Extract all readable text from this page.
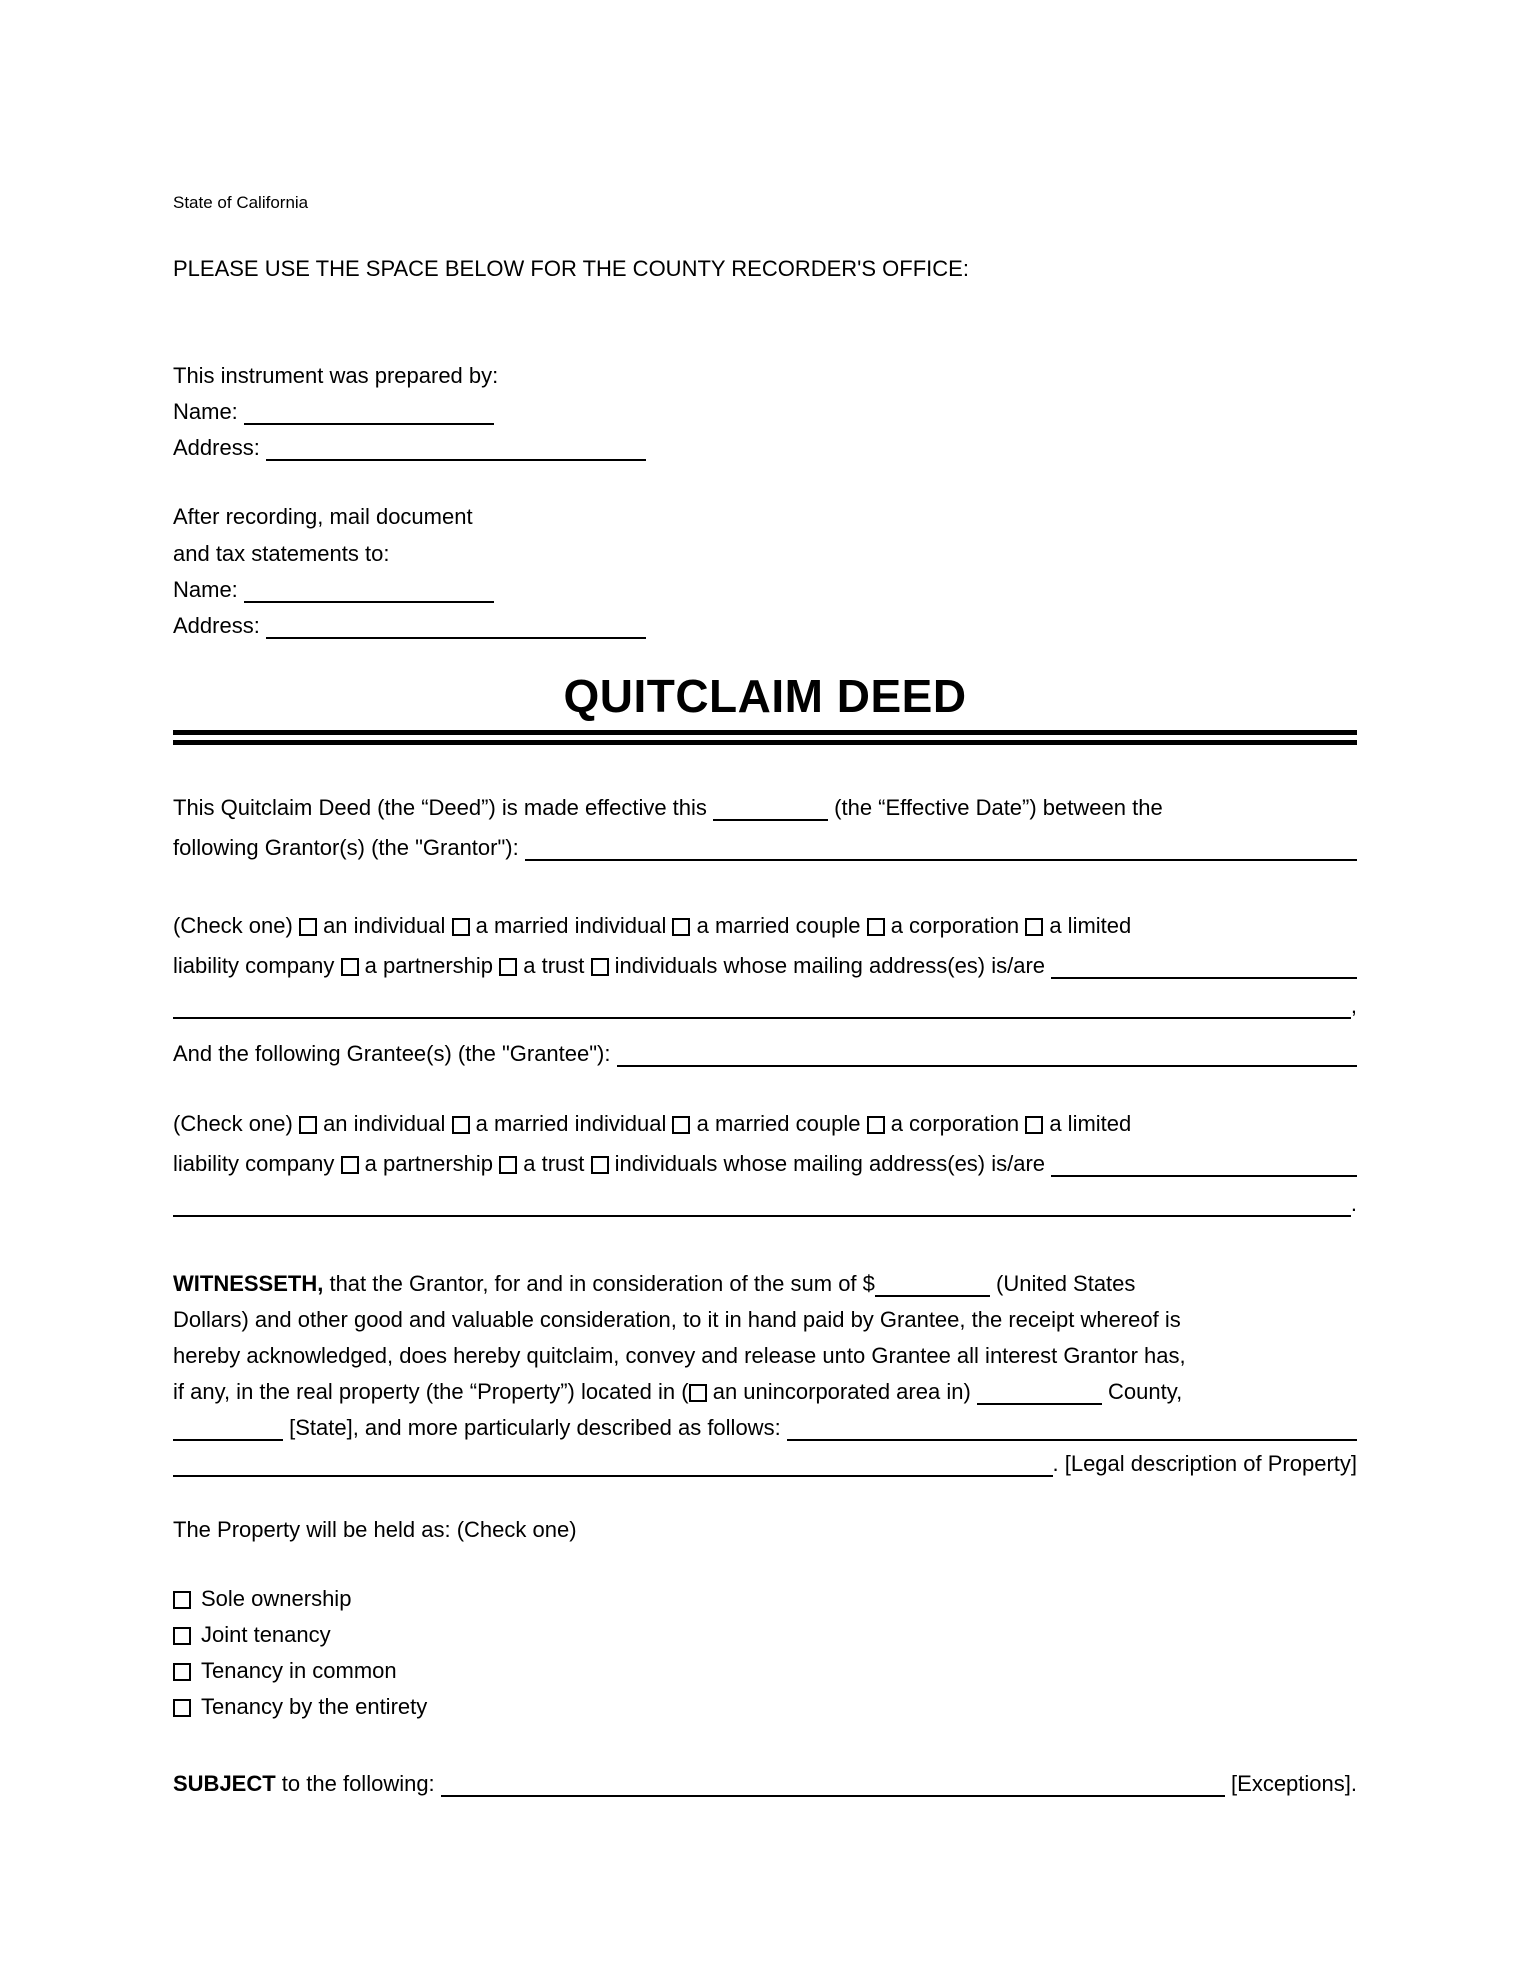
State of California
PLEASE USE THE SPACE BELOW FOR THE COUNTY RECORDER'S OFFICE:
This instrument was prepared by:
Name:
Address:
After recording, mail document
and tax statements to:
Name:
Address:
QUITCLAIM DEED
This Quitclaim Deed (the “Deed”) is made effective this	(the “Effective Date”) between the
following Grantor(s) (the "Grantor"):
(Check one) an individual a married individual a married couple a corporation a limited
liability company a partnership a trust individuals whose mailing address(es) is/are
,
And the following Grantee(s) (the "Grantee"):
(Check one) an individual a married individual a married couple a corporation a limited
liability company a partnership a trust individuals whose mailing address(es) is/are
.
WITNESSETH, that the Grantor, for and in consideration of the sum of $	(United States
Dollars) and other good and valuable consideration, to it in hand paid by Grantee, the receipt whereof is
hereby acknowledged, does hereby quitclaim, convey and release unto Grantee all interest Grantor has,
if any, in the real property (the “Property”) located in ( an unincorporated area in)	County,
[State], and more particularly described as follows:
. [Legal description of Property]
The Property will be held as: (Check one)
Sole ownership
Joint tenancy
Tenancy in common
Tenancy by the entirety
SUBJECT to the following:	[Exceptions].
